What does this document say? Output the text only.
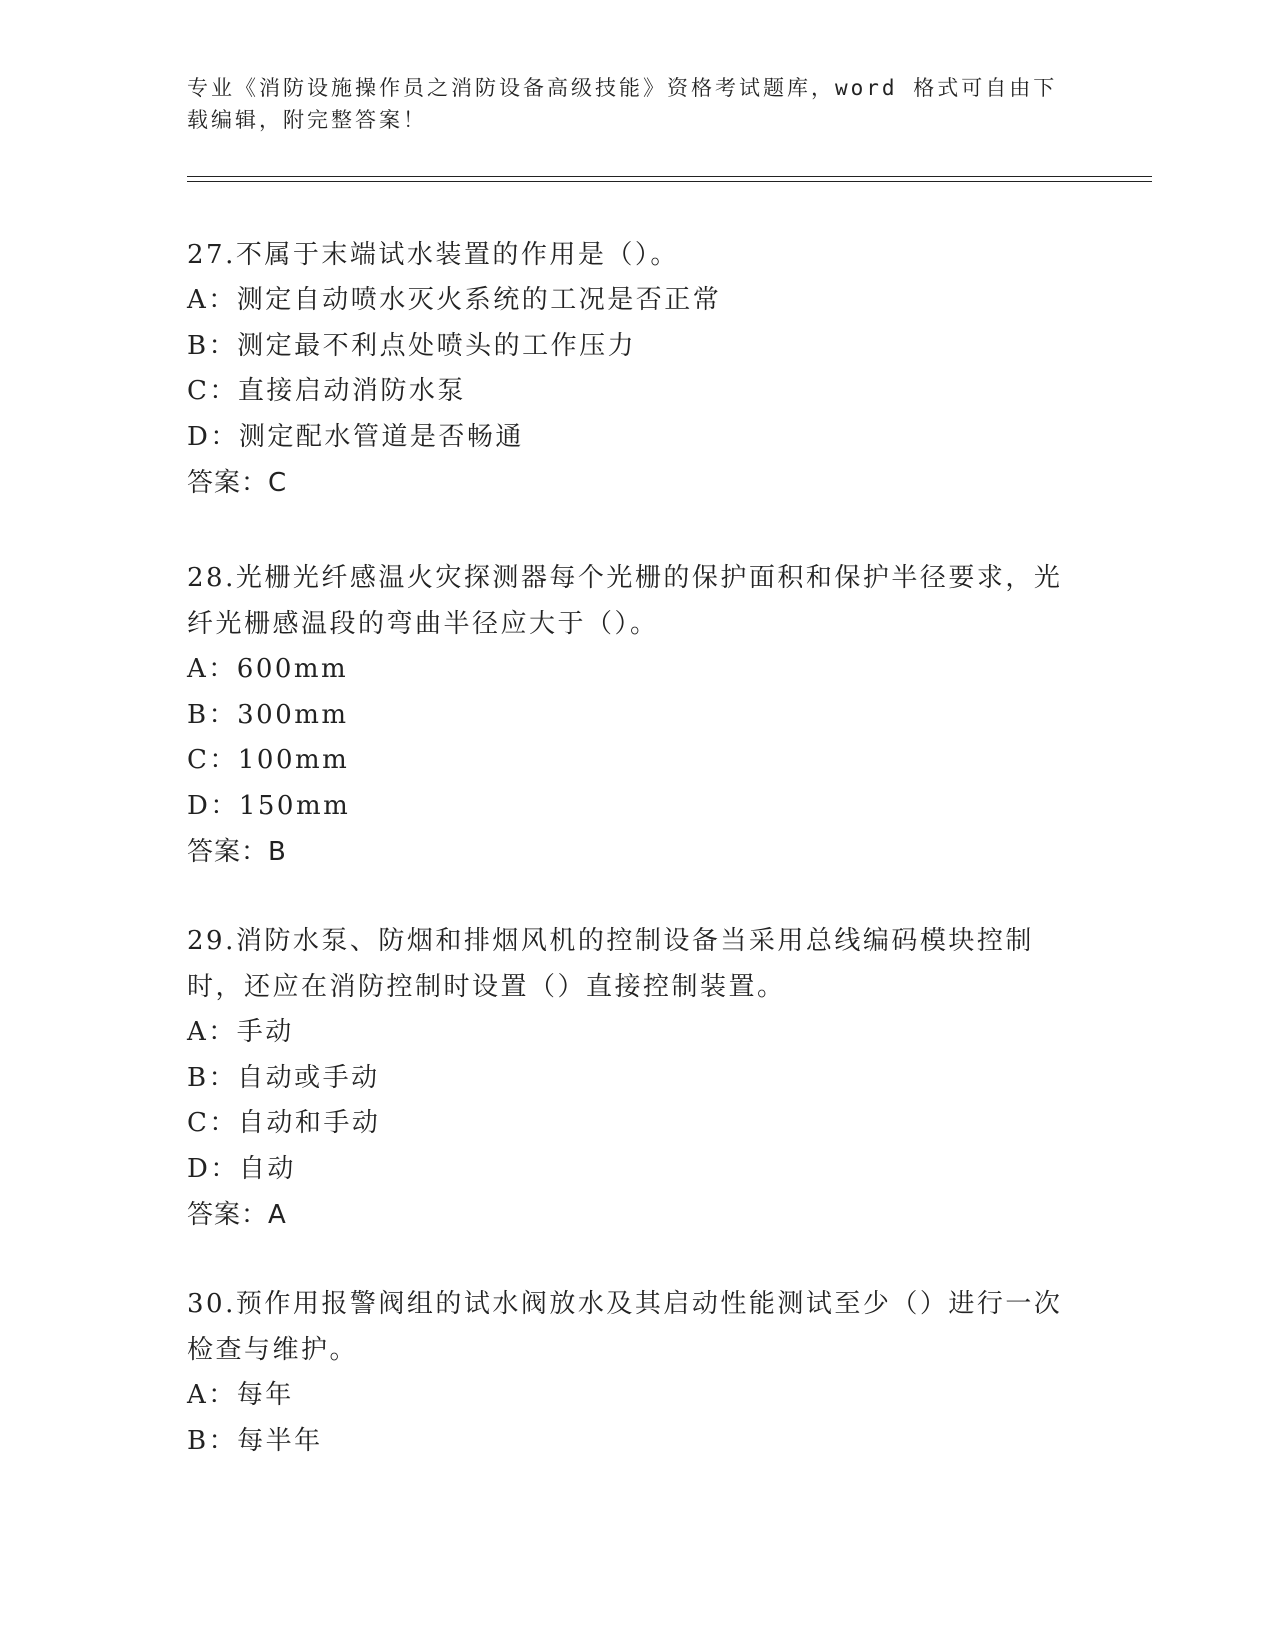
专业《消防设施操作员之消防设备高级技能》资格考试题库，word 格式可自由下载编辑，附完整答案！

27.不属于末端试水装置的作用是（）。

A：测定自动喷水灭火系统的工况是否正常

B：测定最不利点处喷头的工作压力

C：直接启动消防水泵

D：测定配水管道是否畅通

答案：C

28.光栅光纤感温火灾探测器每个光栅的保护面积和保护半径要求，光纤光栅感温段的弯曲半径应大于（）。

A：600mm

B：300mm

C：100mm

D：150mm

答案：B

29.消防水泵、防烟和排烟风机的控制设备当采用总线编码模块控制时，还应在消防控制时设置（）直接控制装置。

A：手动

B：自动或手动

C：自动和手动

D：自动

答案：A

30.预作用报警阀组的试水阀放水及其启动性能测试至少（）进行一次检查与维护。

A：每年

B：每半年
